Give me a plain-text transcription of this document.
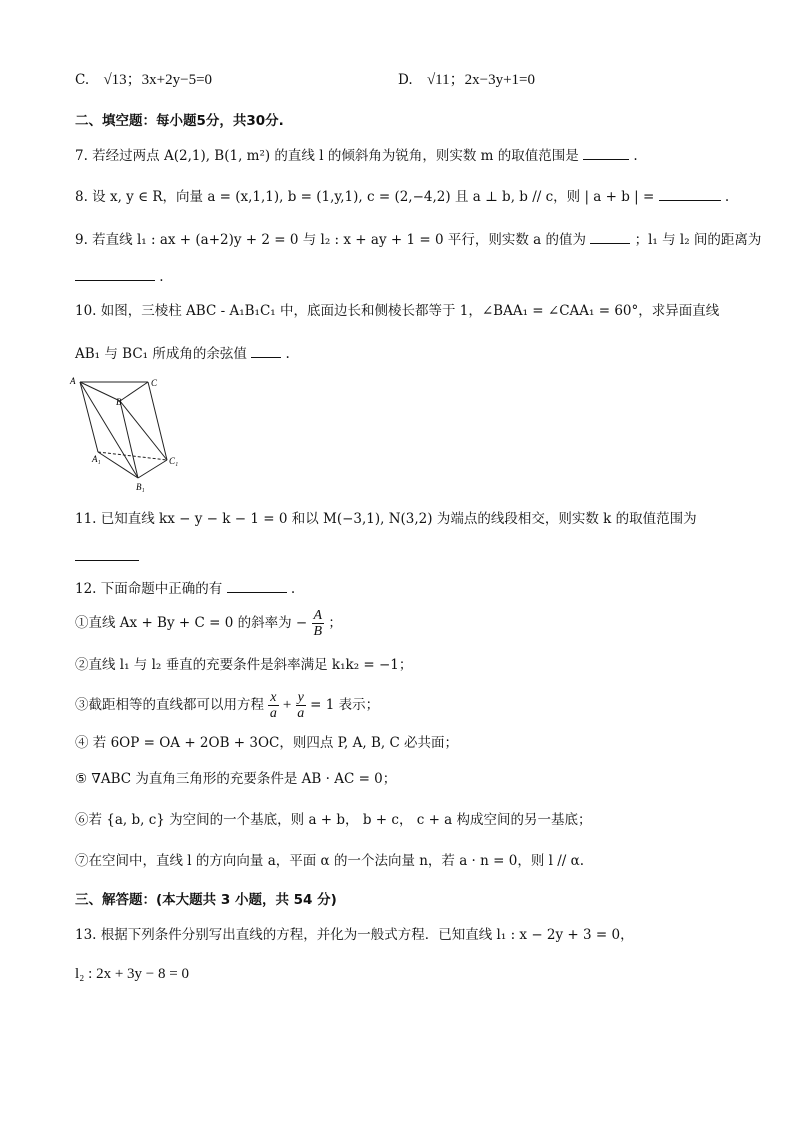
C. √13；3x+2y−5=0	D. √11；2x−3y+1=0
二、填空题：每小题5分，共30分.
7. 若经过两点 A(2,1), B(1, m²) 的直线 l 的倾斜角为锐角，则实数 m 的取值范围是	.
8. 设 x, y ∈ R，向量 a = (x,1,1), b = (1,y,1), c = (2,−4,2) 且 a ⊥ b, b // c，则 | a + b | =	.
9. 若直线 l₁ : ax + (a+2)y + 2 = 0 与 l₂ : x + ay + 1 = 0 平行，则实数 a 的值为	；l₁ 与 l₂ 间的距离为
.
10. 如图，三棱柱 ABC - A₁B₁C₁ 中，底面边长和侧棱长都等于 1，∠BAA₁ = ∠CAA₁ = 60°，求异面直线
AB₁ 与 BC₁ 所成角的余弦值	.
A	C
B
A₁	C₁
B₁
11. 已知直线 kx − y − k − 1 = 0 和以 M(−3,1), N(3,2) 为端点的线段相交，则实数 k 的取值范围为
12. 下面命题中正确的有	.
①直线 Ax + By + C = 0 的斜率为 − $\frac{A}{B}$ ；
②直线 l₁ 与 l₂ 垂直的充要条件是斜率满足 k₁k₂ = −1；
③截距相等的直线都可以用方程 $\frac{x}{a} + \frac{y}{a} = 1$ 表示；
④ 若 6OP = OA + 2OB + 3OC，则四点 P, A, B, C 必共面；
⑤ ∇ABC 为直角三角形的充要条件是 AB · AC = 0；
⑥若 {a, b, c} 为空间的一个基底，则 a + b， b + c， c + a 构成空间的另一基底；
⑦在空间中，直线 l 的方向向量 a，平面 α 的一个法向量 n，若 a · n = 0，则 l // α.
三、解答题：(本大题共 3 小题，共 54 分)
13. 根据下列条件分别写出直线的方程，并化为一般式方程．已知直线 l₁ : x − 2y + 3 = 0，
l₂ : 2x + 3y − 8 = 0
